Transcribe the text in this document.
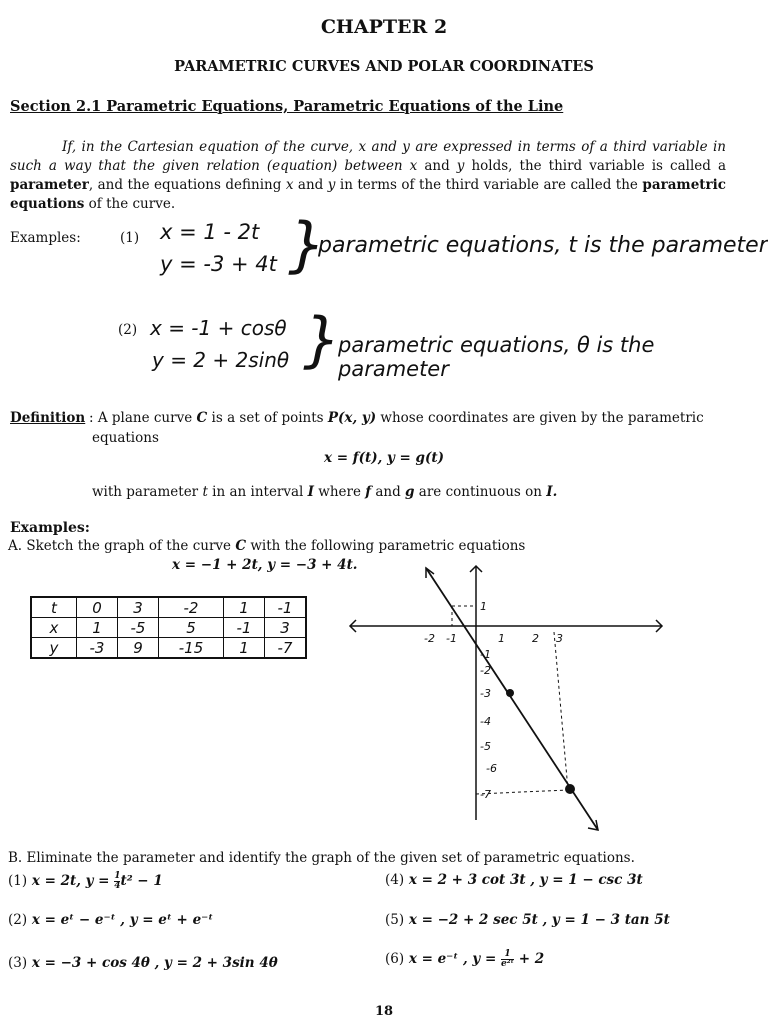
CHAPTER 2
PARAMETRIC CURVES AND POLAR COORDINATES
Section 2.1 Parametric Equations, Parametric Equations of the Line

If, in the Cartesian equation of the curve, x and y are expressed in terms of a third variable in such a way that the given relation (equation) between x and y holds, the third variable is called a parameter, and the equations defining x and y in terms of the third variable are called the parametric equations of the curve.

Examples:	(1) x = 1 - 2t
y = -3 + 4t }
parametric equations, t is the parameter
(2) x = -1 + cosθ
y = 2 + 2sinθ }
parametric equations, θ is the parameter
Definition : A plane curve C is a set of points P(x, y) whose coordinates are given by the parametric
equations
x = f(t), y = g(t)
with parameter t in an interval I where f and g are continuous on I.
Examples:
A. Sketch the graph of the curve C with the following parametric equations
x = −1 + 2t, y = −3 + 4t.
t	0	3	-2	1	-1
x	1	-5	5	-1	3
y	-3	9	-15	1	-7	-2 -1	1 2 3
1
-1
-2
-3
-4
-5
-6
-7
B. Eliminate the parameter and identify the graph of the given set of parametric equations.
(1) x = 2t, $y = \frac{1}{4} t^2 - 1$	(4) x = 2 + 3 cot 3t , y = 1 − csc 3t
(2) x = eᵗ − e⁻ᵗ , y = eᵗ + e⁻ᵗ	(5) x = −2 + 2 sec 5t , y = 1 − 3 tan 5t
(3) x = −3 + cos 4θ , y = 2 + 3sin 4θ	(6) x = e⁻ᵗ , $y = \frac{1}{\text{e²ᵗ}} + 2$
18
